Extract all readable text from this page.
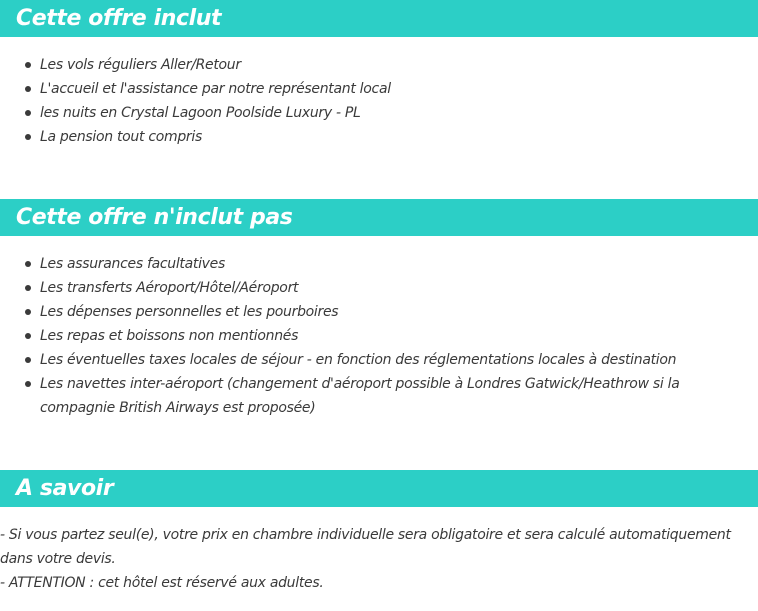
Cette offre inclut
Les vols réguliers Aller/Retour
L'accueil et l'assistance par notre représentant local
les nuits en Crystal Lagoon Poolside Luxury - PL
La pension tout compris
Cette offre n'inclut pas
Les assurances facultatives
Les transferts Aéroport/Hôtel/Aéroport
Les dépenses personnelles et les pourboires
Les repas et boissons non mentionnés
Les éventuelles taxes locales de séjour - en fonction des réglementations locales à destination
Les navettes inter-aéroport (changement d'aéroport possible à Londres Gatwick/Heathrow si la compagnie British Airways est proposée)
A savoir
- Si vous partez seul(e), votre prix en chambre individuelle sera obligatoire et sera calculé automatiquement dans votre devis.
- ATTENTION : cet hôtel est réservé aux adultes.
